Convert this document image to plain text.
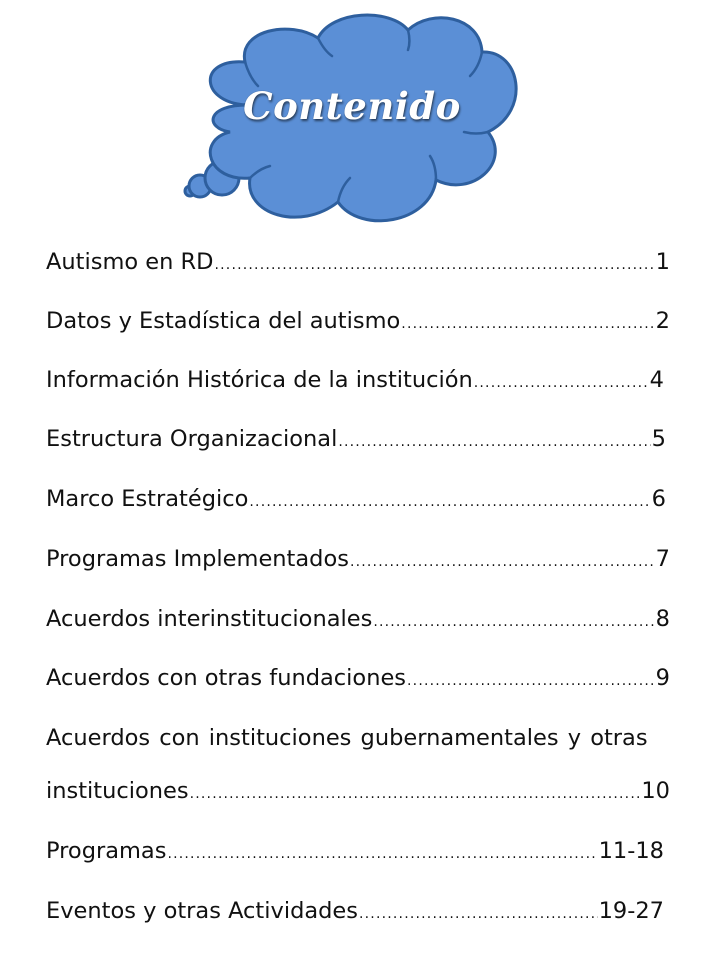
Contenido
Autismo en RD .....	1
Datos y Estadística del autismo .....	2
Información Histórica de la institución .....	4
Estructura Organizacional .....	5
Marco Estratégico .....	6
Programas Implementados .....	7
Acuerdos interinstitucionales .....	8
Acuerdos con otras fundaciones .....	9
Acuerdos con instituciones gubernamentales y otras
instituciones .....	10
Programas .....	11-18
Eventos y otras Actividades .....	19-27
